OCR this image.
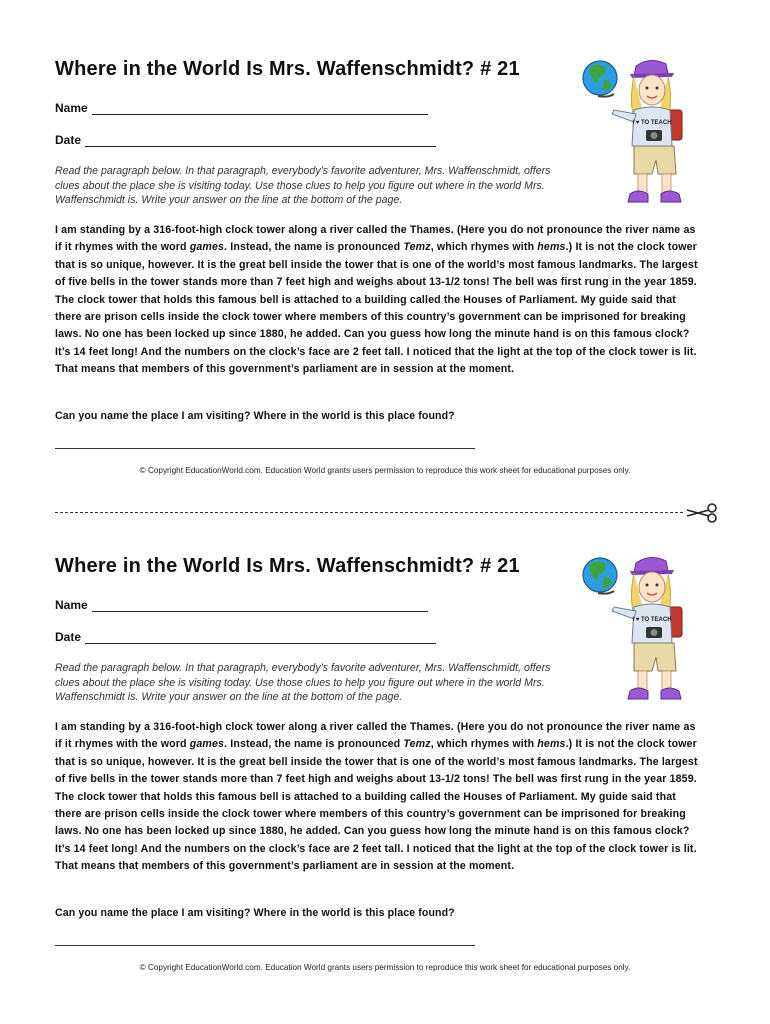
Where in the World Is Mrs. Waffenschmidt? # 21
Name
Date

Read the paragraph below. In that paragraph, everybody’s favorite adventurer, Mrs. Waffenschmidt, offers clues about the place she is visiting today. Use those clues to help you figure out where in the world Mrs. Waffenschmidt is. Write your answer on the line at the bottom of the page.

I am standing by a 316-foot-high clock tower along a river called the Thames. (Here you do not pronounce the river name as if it rhymes with the word games. Instead, the name is pronounced Temz, which rhymes with hems.) It is not the clock tower that is so unique, however. It is the great bell inside the tower that is one of the world’s most famous landmarks. The largest of five bells in the tower stands more than 7 feet high and weighs about 13-1/2 tons! The bell was first rung in the year 1859. The clock tower that holds this famous bell is attached to a building called the Houses of Parliament. My guide said that there are prison cells inside the clock tower where members of this country’s government can be imprisoned for breaking laws. No one has been locked up since 1880, he added. Can you guess how long the minute hand is on this famous clock? It’s 14 feet long! And the numbers on the clock’s face are 2 feet tall. I noticed that the light at the top of the clock tower is lit. That means that members of this government’s parliament are in session at the moment.

Can you name the place I am visiting? Where in the world is this place found?

© Copyright EducationWorld.com. Education World grants users permission to reproduce this work sheet for educational purposes only.
I ♥ TO TEACH
Where in the World Is Mrs. Waffenschmidt? # 21
Name
Date

Read the paragraph below. In that paragraph, everybody’s favorite adventurer, Mrs. Waffenschmidt, offers clues about the place she is visiting today. Use those clues to help you figure out where in the world Mrs. Waffenschmidt is. Write your answer on the line at the bottom of the page.

I am standing by a 316-foot-high clock tower along a river called the Thames. (Here you do not pronounce the river name as if it rhymes with the word games. Instead, the name is pronounced Temz, which rhymes with hems.) It is not the clock tower that is so unique, however. It is the great bell inside the tower that is one of the world’s most famous landmarks. The largest of five bells in the tower stands more than 7 feet high and weighs about 13-1/2 tons! The bell was first rung in the year 1859. The clock tower that holds this famous bell is attached to a building called the Houses of Parliament. My guide said that there are prison cells inside the clock tower where members of this country’s government can be imprisoned for breaking laws. No one has been locked up since 1880, he added. Can you guess how long the minute hand is on this famous clock? It’s 14 feet long! And the numbers on the clock’s face are 2 feet tall. I noticed that the light at the top of the clock tower is lit. That means that members of this government’s parliament are in session at the moment.

Can you name the place I am visiting? Where in the world is this place found?

© Copyright EducationWorld.com. Education World grants users permission to reproduce this work sheet for educational purposes only.
I ♥ TO TEACH
